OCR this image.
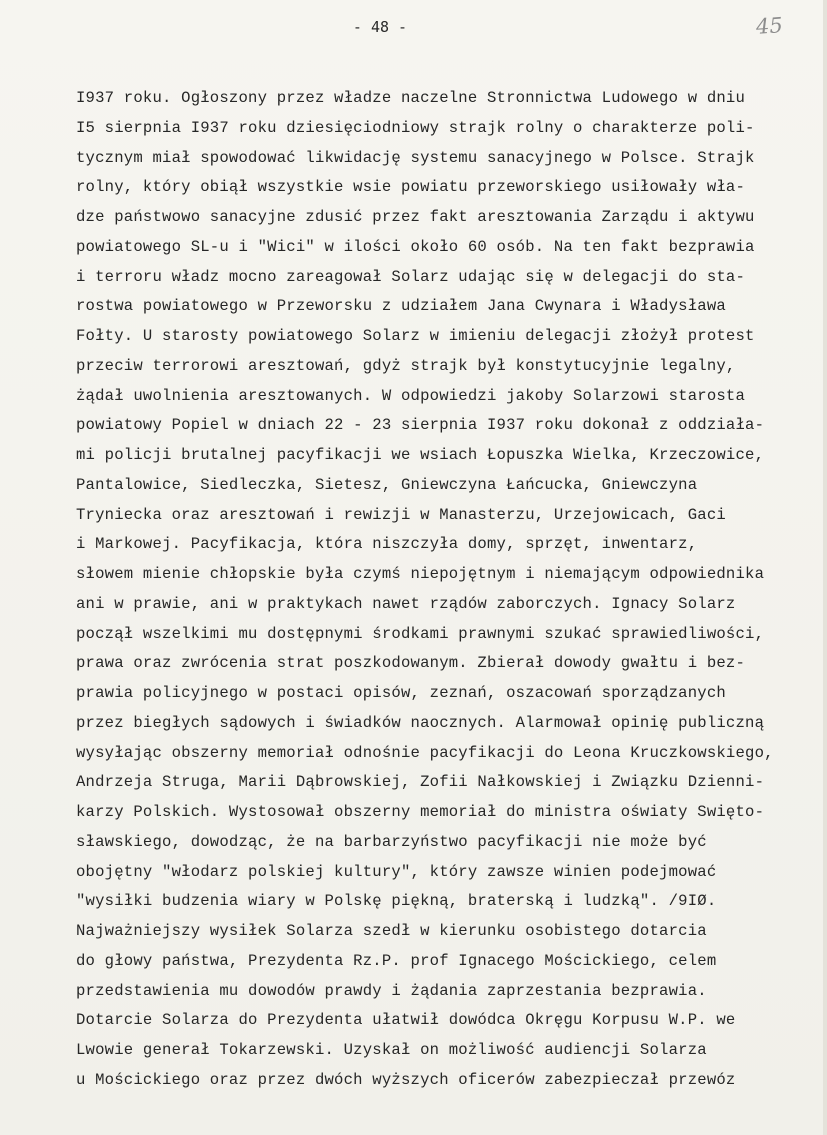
- 48 -	45
I937 roku. Ogłoszony przez władze naczelne Stronnictwa Ludowego w dniu
I5 sierpnia I937 roku dziesięciodniowy strajk rolny o charakterze poli-
tycznym miał spowodować likwidację systemu sanacyjnego w Polsce. Strajk
rolny, który obiął wszystkie wsie powiatu przeworskiego usiłowały wła-
dze państwowo sanacyjne zdusić przez fakt aresztowania Zarządu i aktywu
powiatowego SL-u i "Wici" w ilości około 60 osób. Na ten fakt bezprawia
i terroru władz mocno zareagował Solarz udając się w delegacji do sta-
rostwa powiatowego w Przeworsku z udziałem Jana Cwynara i Władysława
Fołty. U starosty powiatowego Solarz w imieniu delegacji złożył protest
przeciw terrorowi aresztowań, gdyż strajk był konstytucyjnie legalny,
żądał uwolnienia aresztowanych. W odpowiedzi jakoby Solarzowi starosta
powiatowy Popiel w dniach 22 - 23 sierpnia I937 roku dokonał z oddziała-
mi policji brutalnej pacyfikacji we wsiach Łopuszka Wielka, Krzeczowice,
Pantalowice, Siedleczka, Sietesz, Gniewczyna Łańcucka, Gniewczyna
Tryniecka oraz aresztowań i rewizji w Manasterzu, Urzejowicach, Gaci
i Markowej. Pacyfikacja, która niszczyła domy, sprzęt, inwentarz,
słowem mienie chłopskie była czymś niepojętnym i niemającym odpowiednika
ani w prawie, ani w praktykach nawet rządów zaborczych. Ignacy Solarz
począł wszelkimi mu dostępnymi środkami prawnymi szukać sprawiedliwości,
prawa oraz zwrócenia strat poszkodowanym. Zbierał dowody gwałtu i bez-
prawia policyjnego w postaci opisów, zeznań, oszacowań sporządzanych
przez biegłych sądowych i świadków naocznych. Alarmował opinię publiczną
wysyłając obszerny memoriał odnośnie pacyfikacji do Leona Kruczkowskiego,
Andrzeja Struga, Marii Dąbrowskiej, Zofii Nałkowskiej i Związku Dzienni-
karzy Polskich. Wystosował obszerny memoriał do ministra oświaty Swięto-
sławskiego, dowodząc, że na barbarzyństwo pacyfikacji nie może być
obojętny "włodarz polskiej kultury", który zawsze winien podejmować
"wysiłki budzenia wiary w Polskę piękną, braterską i ludzką". /9IØ.
Najważniejszy wysiłek Solarza szedł w kierunku osobistego dotarcia
do głowy państwa, Prezydenta Rz.P. prof Ignacego Mościckiego, celem
przedstawienia mu dowodów prawdy i żądania zaprzestania bezprawia.
Dotarcie Solarza do Prezydenta ułatwił dowódca Okręgu Korpusu W.P. we
Lwowie generał Tokarzewski. Uzyskał on możliwość audiencji Solarza
u Mościckiego oraz przez dwóch wyższych oficerów zabezpieczał przewóz
